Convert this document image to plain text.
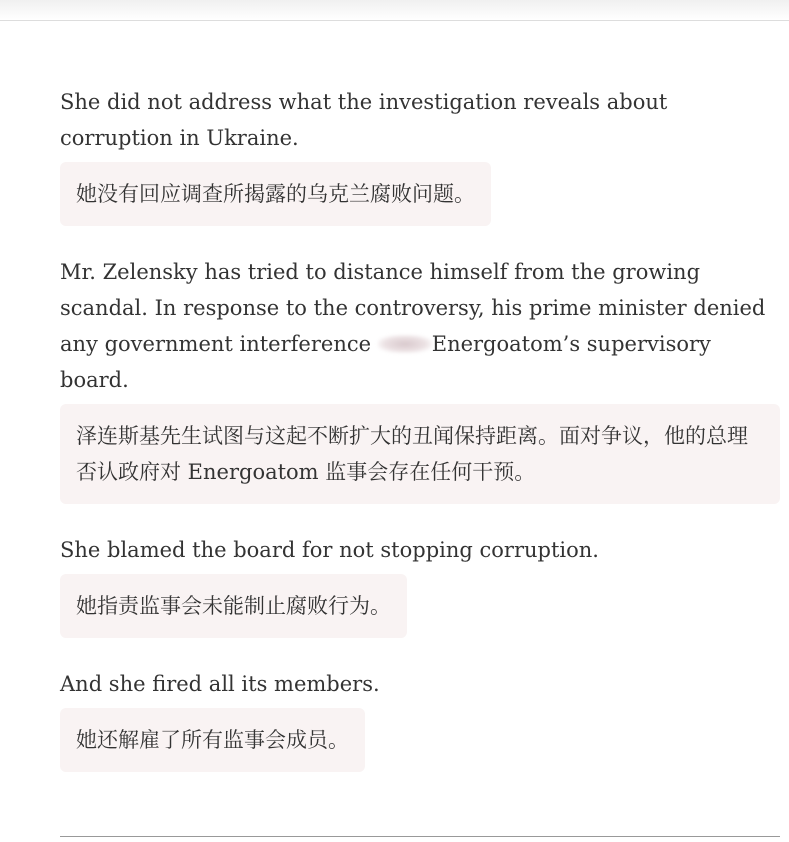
She did not address what the investigation reveals about corruption in Ukraine.

她没有回应调查所揭露的乌克兰腐败问题。

Mr. Zelensky has tried to distance himself from the growing scandal. In response to the controversy, his prime minister denied any government interference	Energoatom’s supervisory board.

泽连斯基先生试图与这起不断扩大的丑闻保持距离。面对争议，他的总理否认政府对 Energoatom 监事会存在任何干预。

She blamed the board for not stopping corruption.

她指责监事会未能制止腐败行为。

And she fired all its members.

她还解雇了所有监事会成员。
